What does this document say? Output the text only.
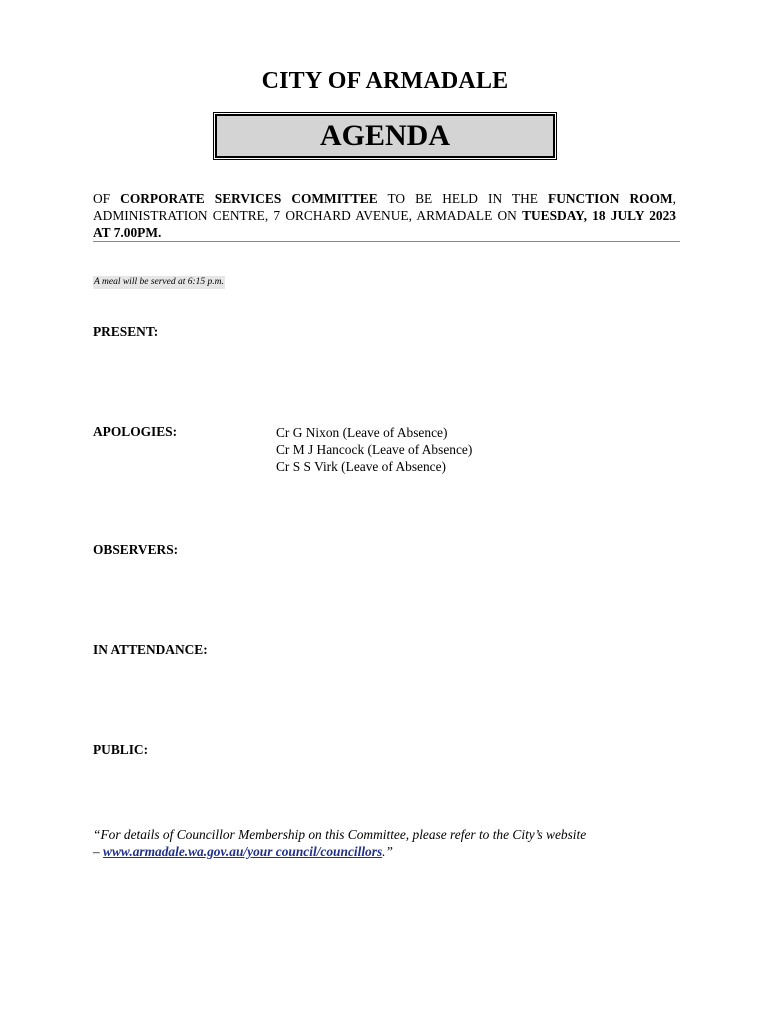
CITY OF ARMADALE
AGENDA
OF CORPORATE SERVICES COMMITTEE TO BE HELD IN THE FUNCTION ROOM, ADMINISTRATION CENTRE, 7 ORCHARD AVENUE, ARMADALE ON TUESDAY, 18 JULY 2023 AT 7.00PM.
A meal will be served at 6:15 p.m.
PRESENT:
APOLOGIES:	Cr G Nixon (Leave of Absence)
Cr M J Hancock (Leave of Absence)
Cr S S Virk (Leave of Absence)
OBSERVERS:
IN ATTENDANCE:
PUBLIC:
“For details of Councillor Membership on this Committee, please refer to the City’s website
– www.armadale.wa.gov.au/your council/councillors.”
